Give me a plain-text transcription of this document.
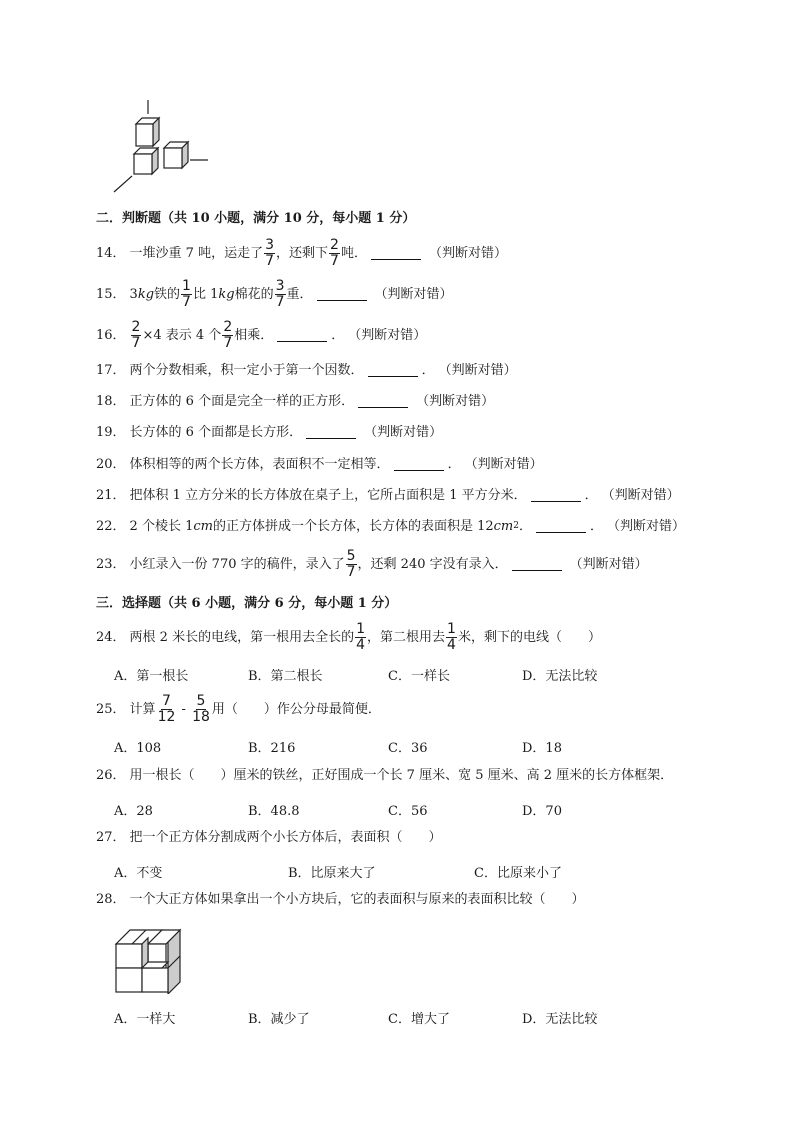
二．判断题（共 10 小题，满分 10 分，每小题 1 分）
14． 一堆沙重 7 吨，运走了 $\frac{3}{7}$ ，还剩下 $\frac{2}{7}$ 吨．	（判断对错）
15． 3 kg 铁的 $\frac{1}{7}$ 比 1 kg 棉花的 $\frac{3}{7}$ 重．	（判断对错）
16． $\frac{2}{7} \times 4$ 表示 4 个 $\frac{2}{7}$ 相乘．	． （判断对错）
17． 两个分数相乘，积一定小于第一个因数．	． （判断对错）
18． 正方体的 6 个面是完全一样的正方形．	（判断对错）
19． 长方体的 6 个面都是长方形．	（判断对错）
20． 体积相等的两个长方体，表面积不一定相等．	． （判断对错）
21． 把体积 1 立方分米的长方体放在桌子上，它所占面积是 1 平方分米．	． （判断对错）
22． 2 个棱长 1 cm 的正方体拼成一个长方体，长方体的表面积是 12 cm 2 ．	． （判断对错）
23． 小红录入一份 770 字的稿件，录入了 $\frac{5}{7}$ ，还剩 240 字没有录入．	（判断对错）
三．选择题（共 6 小题，满分 6 分，每小题 1 分）
24． 两根 2 米长的电线，第一根用去全长的 $\frac{1}{4}$ ，第二根用去 $\frac{1}{4}$ 米，剩下的电线（　　）
A．第一根长	B．第二根长	C．一样长	D．无法比较
25． 计算 $\frac{7}{12} - \frac{5}{18}$ 用（　　）作公分母最简便．
A．108	B．216	C．36	D．18
26． 用一根长（　　）厘米的铁丝，正好围成一个长 7 厘米、宽 5 厘米、高 2 厘米的长方体框架．
A．28	B．48.8	C．56	D．70
27． 把一个正方体分割成两个小长方体后，表面积（　　）
A．不变	B．比原来大了	C．比原来小了
28． 一个大正方体如果拿出一个小方块后，它的表面积与原来的表面积比较（　　）
A．一样大	B．减少了	C．增大了	D．无法比较
